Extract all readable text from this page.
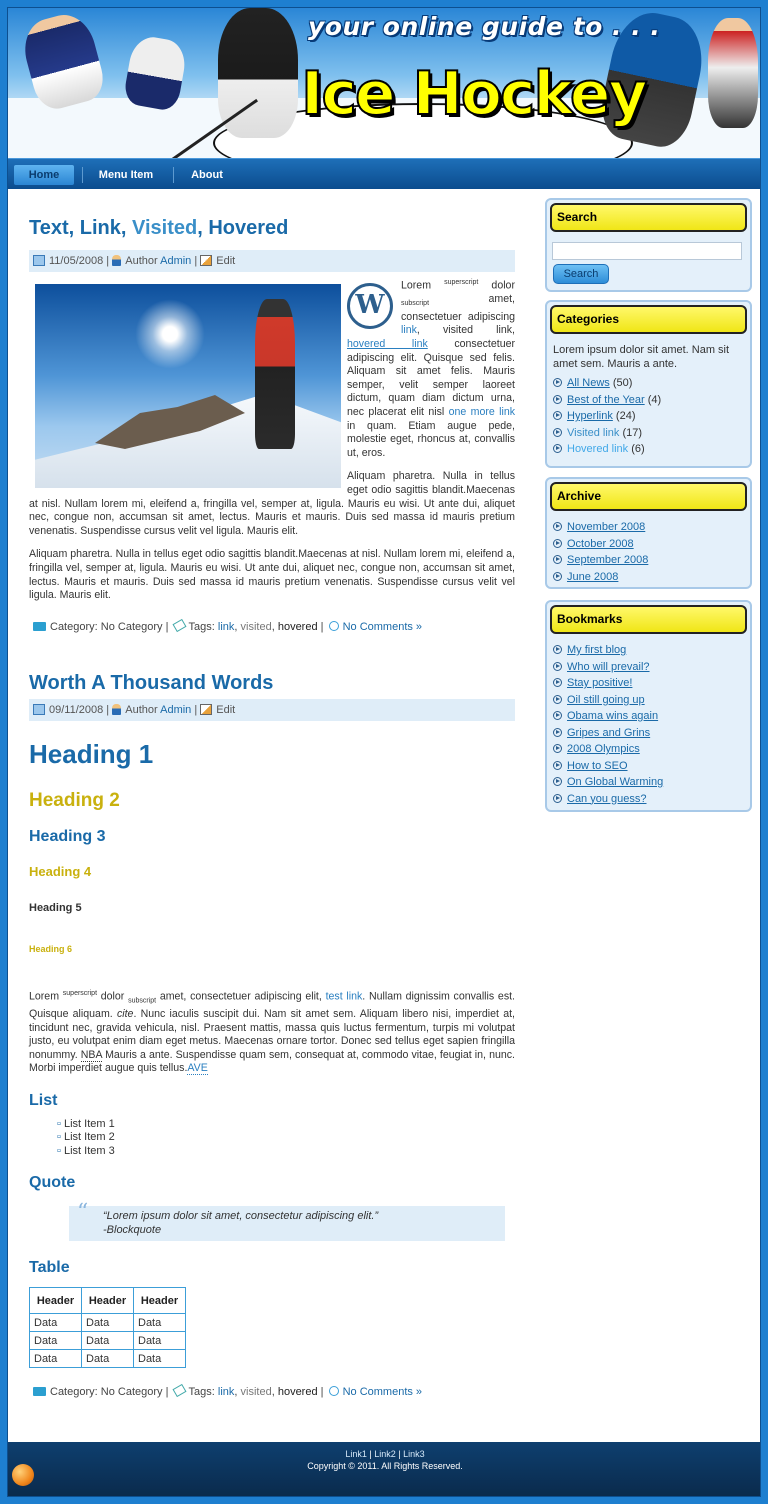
your online guide to . . .
Ice Hockey
Home	Menu Item	About
Text, Link, Visited, Hovered
11/05/2008 | Author Admin | Edit
W

Lorem $^{superscript}$ dolor $_{subscript}$	amet, consectetuer adipiscing link, visited link, hovered link	consectetuer adipiscing elit. Quisque sed felis. Aliquam sit amet felis. Mauris semper, velit semper laoreet dictum, quam diam dictum urna, nec placerat elit nisl one more link in quam. Etiam augue pede, molestie eget, rhoncus at, convallis ut, eros.

Aliquam pharetra. Nulla in tellus eget odio sagittis blandit.Maecenas at nisl. Nullam lorem mi, eleifend a, fringilla vel, semper at, ligula. Mauris eu wisi. Ut ante dui, aliquet nec, congue non, accumsan sit amet, lectus. Mauris et mauris. Duis sed massa id mauris pretium venenatis. Suspendisse cursus velit vel ligula. Mauris elit.

Aliquam pharetra. Nulla in tellus eget odio sagittis blandit.Maecenas at nisl. Nullam lorem mi, eleifend a, fringilla vel, semper at, ligula. Mauris eu wisi. Ut ante dui, aliquet nec, congue non, accumsan sit amet, lectus. Mauris et mauris. Duis sed massa id mauris pretium venenatis. Suspendisse cursus velit vel ligula. Mauris elit.

Category: No Category | Tags: link, visited, hovered | No Comments »
Worth A Thousand Words
09/11/2008 | Author Admin | Edit
Heading 1
Heading 2
Heading 3
Heading 4
Heading 5
Heading 6

Lorem $^{superscript}$ dolor $_{subscript}$ amet, consectetuer adipiscing elit, test link. Nullam dignissim convallis est. Quisque aliquam. cite. Nunc iaculis suscipit dui. Nam sit amet sem. Aliquam libero nisi, imperdiet at, tincidunt nec, gravida vehicula, nisl. Praesent mattis, massa quis luctus fermentum, turpis mi volutpat justo, eu volutpat enim diam eget metus. Maecenas ornare tortor. Donec sed tellus eget sapien fringilla nonummy. NBA Mauris a ante. Suspendisse quam sem, consequat at, commodo vitae, feugiat in, nunc. Morbi imperdiet augue quis tellus.AVE

List
▫ List Item 1
▫ List Item 2
▫ List Item 3
Quote
“ “Lorem ipsum dolor sit amet, consectetur adipiscing elit.”
-Blockquote
Table
Header	Header	Header
Data	Data	Data
Data	Data	Data
Data	Data	Data
Category: No Category | Tags: link, visited, hovered | No Comments »
Search
Search
Categories
Lorem ipsum dolor sit amet. Nam sit amet sem. Mauris a ante.
All News (50)
Best of the Year (4)
Hyperlink (24)
Visited link (17)
Hovered link (6)
Archive
November 2008
October 2008
September 2008
June 2008
Bookmarks
My first blog
Who will prevail?
Stay positive!
Oil still going up
Obama wins again
Gripes and Grins
2008 Olympics
How to SEO
On Global Warming
Can you guess?
Link1 | Link2 | Link3
Copyright © 2011. All Rights Reserved.
